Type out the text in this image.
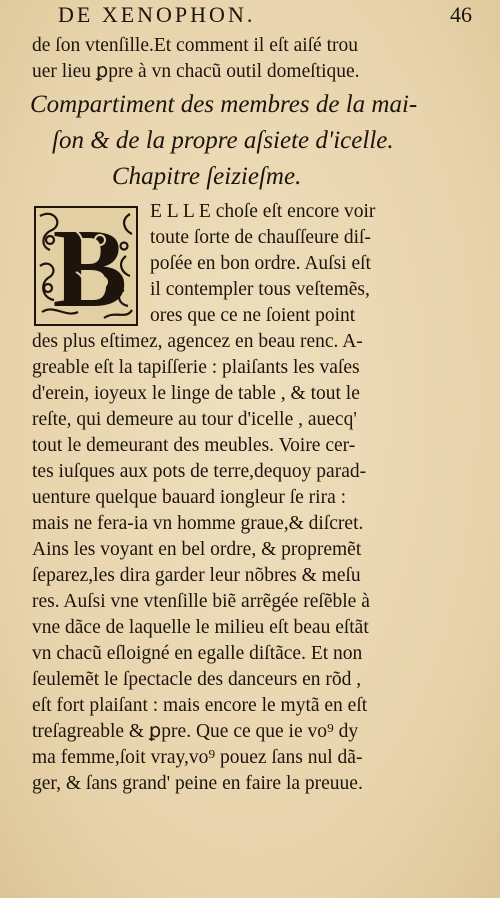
DE XENOPHON.	46
de ſon vtenſille.Et comment il eſt aiſé trou
uer lieu ꝑpre à vn chacũ outil domeſtique.
Compartiment des membres de la mai-
ſon & de la propre aſsiete d'icelle.
Chapitre ſeizieſme.
B E L L E choſe eſt encore voir
toute ſorte de chauſſeure diſ-
poſée en bon ordre. Auſsi eſt
il contempler tous veſtemẽs,
ores que ce ne ſoient point
des plus eſtimez, agencez en beau renc. A-
greable eſt la tapiſſerie : plaiſants les vaſes
d'erein, ioyeux le linge de table , & tout le
reſte, qui demeure au tour d'icelle , auecq'
tout le demeurant des meubles. Voire cer-
tes iuſques aux pots de terre,dequoy parad-
uenture quelque bauard iongleur ſe rira :
mais ne fera-ia vn homme graue,& diſcret.
Ains les voyant en bel ordre, & propremẽt
ſeparez,les dira garder leur nõbres & meſu
res. Auſsi vne vtenſille biẽ arrẽgée reſẽble à
vne dãce de laquelle le milieu eſt beau eſtãt
vn chacũ eſloigné en egalle diſtãce. Et non
ſeulemẽt le ſpectacle des danceurs en rõd ,
eſt fort plaiſant : mais encore le mytã en eſt
treſagreable & ꝑpre. Que ce que ie vo⁹ dy
ma femme,ſoit vray,vo⁹ pouez ſans nul dã-
ger, & ſans grand' peine en faire la preuue.
